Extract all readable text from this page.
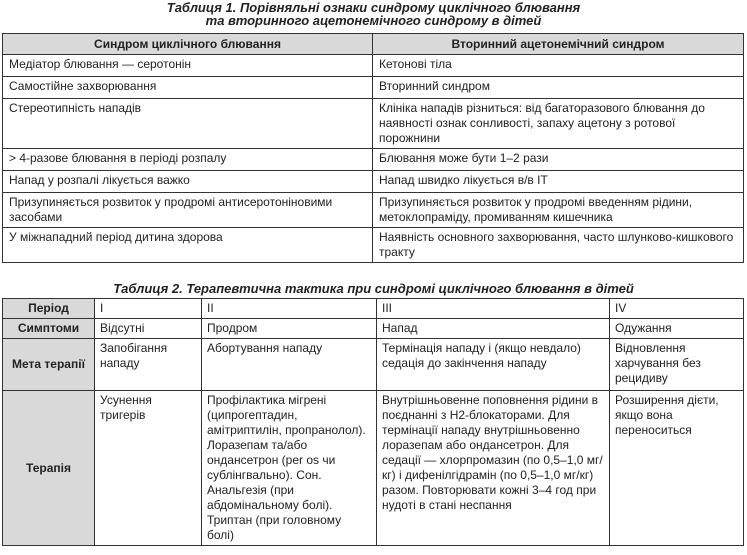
Таблиця 1. Порівняльні ознаки синдрому циклічного блювання
та вторинного ацетонемічного синдрому в дітей
Синдром циклічного блювання	Вторинний ацетонемічний синдром
Медіатор блювання — серотонін	Кетонові тіла
Самостійне захворювання	Вторинний синдром
Стереотипність нападів	Клініка нападів різниться: від багаторазового блювання до наявності ознак сонливості, запаху ацетону з ротової порожнини
> 4-разове блювання в періоді розпалу	Блювання може бути 1–2 рази
Напад у розпалі лікується важко	Напад швидко лікується в/в ІТ
Призупиняється розвиток у продромі антисеротоніновими засобами	Призупиняється розвиток у продромі введенням рідини, метоклопраміду, промиванням кишечника
У міжнападний період дитина здорова	Наявність основного захворювання, часто шлунково-кишкового тракту
Таблиця 2. Терапевтична тактика при синдромі циклічного блювання в дітей
Період	I	II	III	IV
Симптоми	Відсутні	Продром	Напад	Одужання
Мета терапії	Запобігання нападу	Абортування нападу	Термінація нападу і (якщо невдало) седація до закінчення нападу	Відновлення харчування без рецидиву
Терапія	Усунення тригерів	Профілактика мігрені (ципрогептадин, амітриптилін, пропранолол). Лоразепам та/або ондансетрон (per os чи сублінгвально). Сон. Анальгезія (при абдомінальному болі). Триптан (при головному болі)	Внутрішньовенне поповнення рідини в поєднанні з H2-блокаторами. Для термінації нападу внутрішньовенно лоразепам або ондансетрон. Для седації — хлорпромазин (по 0,5–1,0 мг/кг) і дифенілгідрамін (по 0,5–1,0 мг/кг) разом. Повторювати кожні 3–4 год при нудоті в стані неспання	Розширення дієти, якщо вона переноситься
